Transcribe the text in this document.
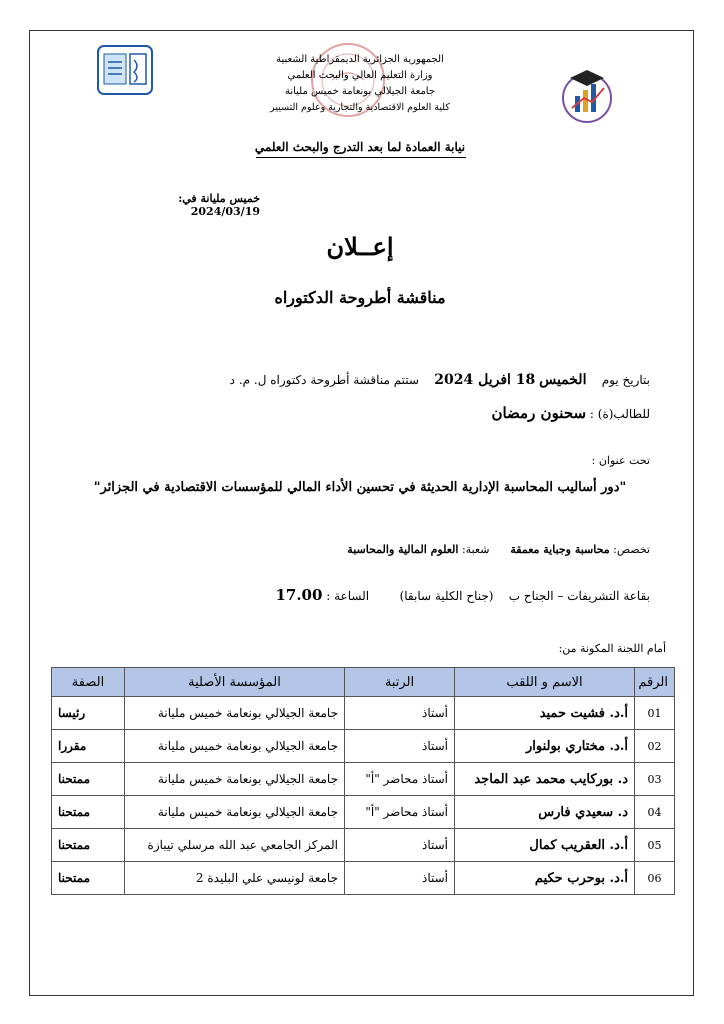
الجمهورية الجزائرية الديمقراطية الشعبية
وزارة التعليم العالي والبحث العلمي
جامعة الجيلالي بونعامة خميس مليانة
كلية العلوم الاقتصادية والتجارية وعلوم التسيير
نيابة العمادة لما بعد التدرج والبحث العلمي
خميس مليانة في: 2024/03/19
إعــلان
مناقشة أطروحة الدكتوراه
بتاريخ يوم    الخميس 18 افريل 2024    ستتم مناقشة أطروحة دكتوراه ل. م. د
للطالب(ة) : سحنون رمضان
تحت عنوان :
"دور أساليب المحاسبة الإدارية الحديثة في تحسين الأداء المالي للمؤسسات الاقتصادية في الجزائر"
تخصص: محاسبة وجباية معمقة      شعبة: العلوم المالية والمحاسبة
بقاعة التشريفات – الجناح ب    (جناح الكلية سابقا)        الساعة : 17.00
أمام اللجنة المكونة من:
الرقم	الاسم و اللقب	الرتبة	المؤسسة الأصلية	الصفة
01	أ.د. فشيت حميد	أستاذ	جامعة الجيلالي بونعامة خميس مليانة	رئيسا
02	أ.د. مختاري بولنوار	أستاذ	جامعة الجيلالي بونعامة خميس مليانة	مقررا
03	د. بوركايب محمد عبد الماجد	أستاذ محاضر "أ"	جامعة الجيلالي بونعامة خميس مليانة	ممتحنا
04	د. سعيدي فارس	أستاذ محاضر "أ"	جامعة الجيلالي بونعامة خميس مليانة	ممتحنا
05	أ.د. العقريب كمال	أستاذ	المركز الجامعي عبد الله مرسلي تيبازة	ممتحنا
06	أ.د. بوحرب حكيم	أستاذ	جامعة لونيسي علي البليدة 2	ممتحنا
